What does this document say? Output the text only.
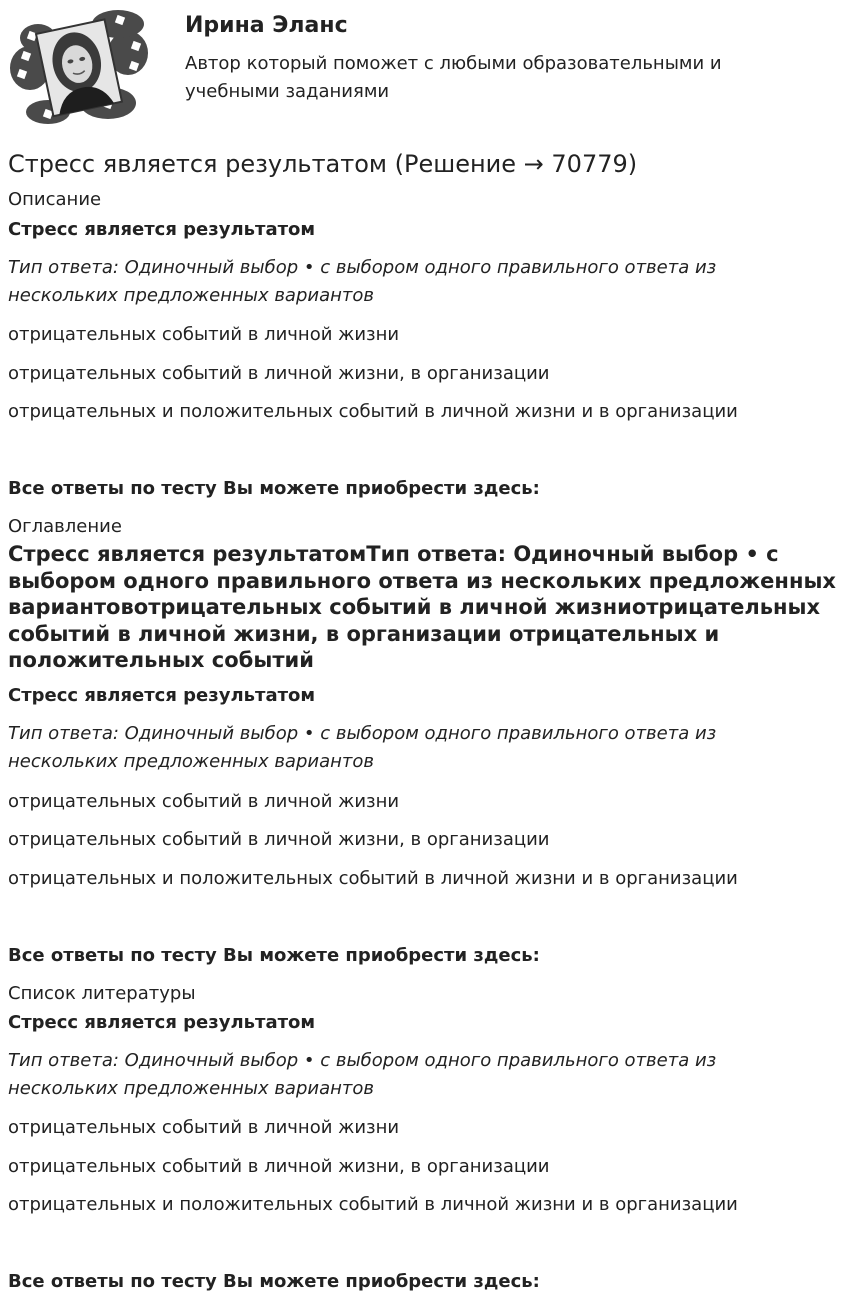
Ирина Эланс
Автор который поможет с любыми образовательными и учебными заданиями
Стресс является результатом (Решение → 70779)
Описание
Стресс является результатом
Тип ответа: Одиночный выбор • с выбором одного правильного ответа из нескольких предложенных вариантов
отрицательных событий в личной жизни
отрицательных событий в личной жизни, в организации
отрицательных и положительных событий в личной жизни и в организации
Все ответы по тесту Вы можете приобрести здесь:
Оглавление
Стресс является результатомТип ответа: Одиночный выбор • с выбором одного правильного ответа из нескольких предложенных вариантовотрицательных событий в личной жизниотрицательных событий в личной жизни, в организации отрицательных и положительных событий
Стресс является результатом
Тип ответа: Одиночный выбор • с выбором одного правильного ответа из нескольких предложенных вариантов
отрицательных событий в личной жизни
отрицательных событий в личной жизни, в организации
отрицательных и положительных событий в личной жизни и в организации
Все ответы по тесту Вы можете приобрести здесь:
Список литературы
Стресс является результатом
Тип ответа: Одиночный выбор • с выбором одного правильного ответа из нескольких предложенных вариантов
отрицательных событий в личной жизни
отрицательных событий в личной жизни, в организации
отрицательных и положительных событий в личной жизни и в организации
Все ответы по тесту Вы можете приобрести здесь:
